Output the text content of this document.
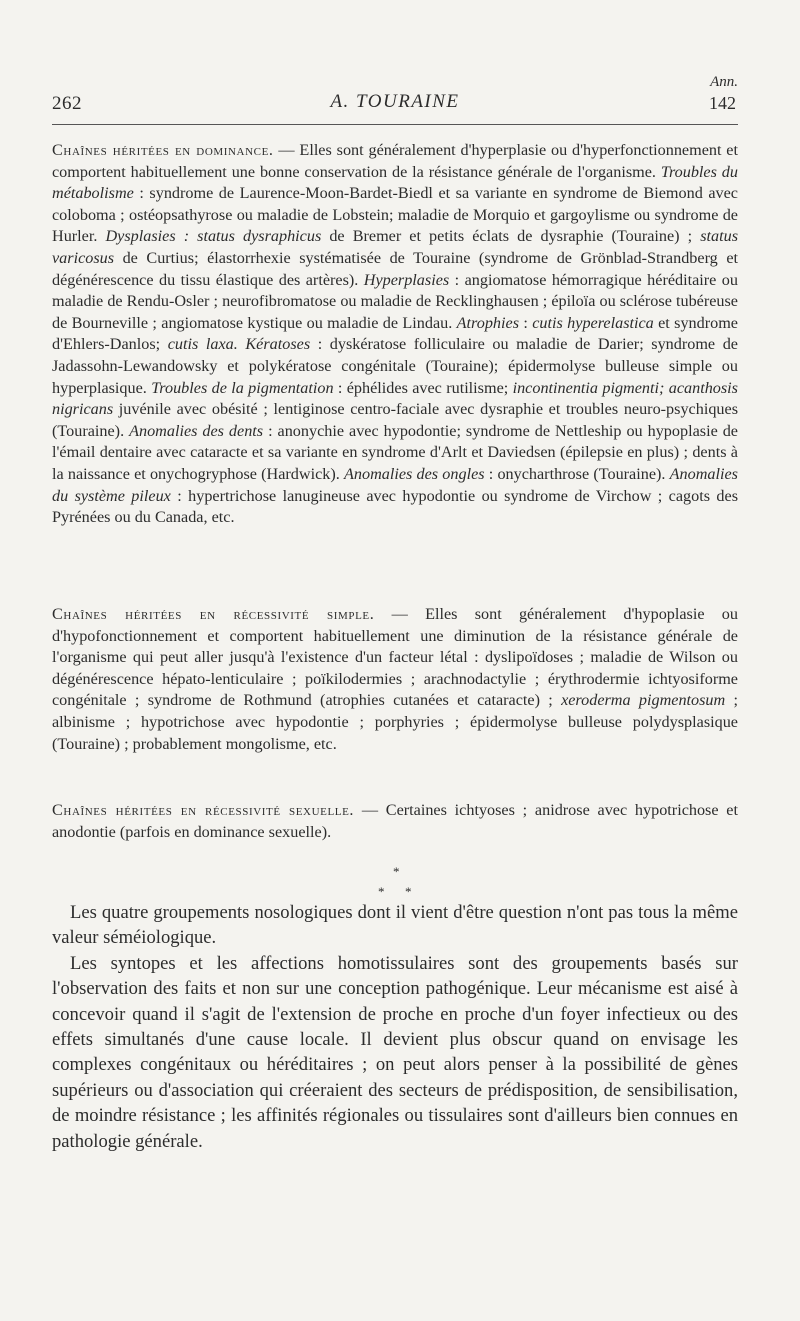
262	A. TOURAINE
Ann.
142

Chaînes héritées en dominance. — Elles sont généralement d'hyperplasie ou d'hyperfonctionnement et comportent habituellement une bonne conservation de la résistance générale de l'organisme. Troubles du métabolisme : syndrome de Laurence-Moon-Bardet-Biedl et sa variante en syndrome de Biemond avec coloboma ; ostéopsathyrose ou maladie de Lobstein; maladie de Morquio et gargoylisme ou syndrome de Hurler. Dysplasies : status dysraphicus de Bremer et petits éclats de dysraphie (Touraine) ; status varicosus de Curtius; élastorrhexie systématisée de Touraine (syndrome de Grönblad-Strandberg et dégénérescence du tissu élastique des artères). Hyperplasies : angiomatose hémorragique héréditaire ou maladie de Rendu-Osler ; neurofibromatose ou maladie de Recklinghausen ; épiloïa ou sclérose tubéreuse de Bourneville ; angiomatose kystique ou maladie de Lindau. Atrophies : cutis hyperelastica et syndrome d'Ehlers-Danlos; cutis laxa. Kératoses : dyskératose folliculaire ou maladie de Darier; syndrome de Jadassohn-Lewandowsky et polykératose congénitale (Touraine); épidermolyse bulleuse simple ou hyperplasique. Troubles de la pigmentation : éphélides avec rutilisme; incontinentia pigmenti; acanthosis nigricans juvénile avec obésité ; lentiginose centro-faciale avec dysraphie et troubles neuro-psychiques (Touraine). Anomalies des dents : anonychie avec hypodontie; syndrome de Nettleship ou hypoplasie de l'émail dentaire avec cataracte et sa variante en syndrome d'Arlt et Daviedsen (épilepsie en plus) ; dents à la naissance et onychogryphose (Hardwick). Anomalies des ongles : onycharthrose (Touraine). Anomalies du système pileux : hypertrichose lanugineuse avec hypodontie ou syndrome de Virchow ; cagots des Pyrénées ou du Canada, etc.

Chaînes héritées en récessivité simple. — Elles sont généralement d'hypoplasie ou d'hypofonctionnement et comportent habituellement une diminution de la résistance générale de l'organisme qui peut aller jusqu'à l'existence d'un facteur létal : dyslipoïdoses ; maladie de Wilson ou dégénérescence hépato-lenticulaire ; poïkilodermies ; arachnodactylie ; érythrodermie ichtyosiforme congénitale ; syndrome de Rothmund (atrophies cutanées et cataracte) ; xeroderma pigmentosum ; albinisme ; hypotrichose avec hypodontie ; porphyries ; épidermolyse bulleuse polydysplasique (Touraine) ; probablement mongolisme, etc.

Chaînes héritées en récessivité sexuelle. — Certaines ichtyoses ; anidrose avec hypotrichose et anodontie (parfois en dominance sexuelle).

*
* *

Les quatre groupements nosologiques dont il vient d'être question n'ont pas tous la même valeur séméiologique.

Les syntopes et les affections homotissulaires sont des groupements basés sur l'observation des faits et non sur une conception pathogénique. Leur mécanisme est aisé à concevoir quand il s'agit de l'extension de proche en proche d'un foyer infectieux ou des effets simultanés d'une cause locale. Il devient plus obscur quand on envisage les complexes congénitaux ou héréditaires ; on peut alors penser à la possibilité de gènes supérieurs ou d'association qui créeraient des secteurs de prédisposition, de sensibilisation, de moindre résistance ; les affinités régionales ou tissulaires sont d'ailleurs bien connues en pathologie générale.
